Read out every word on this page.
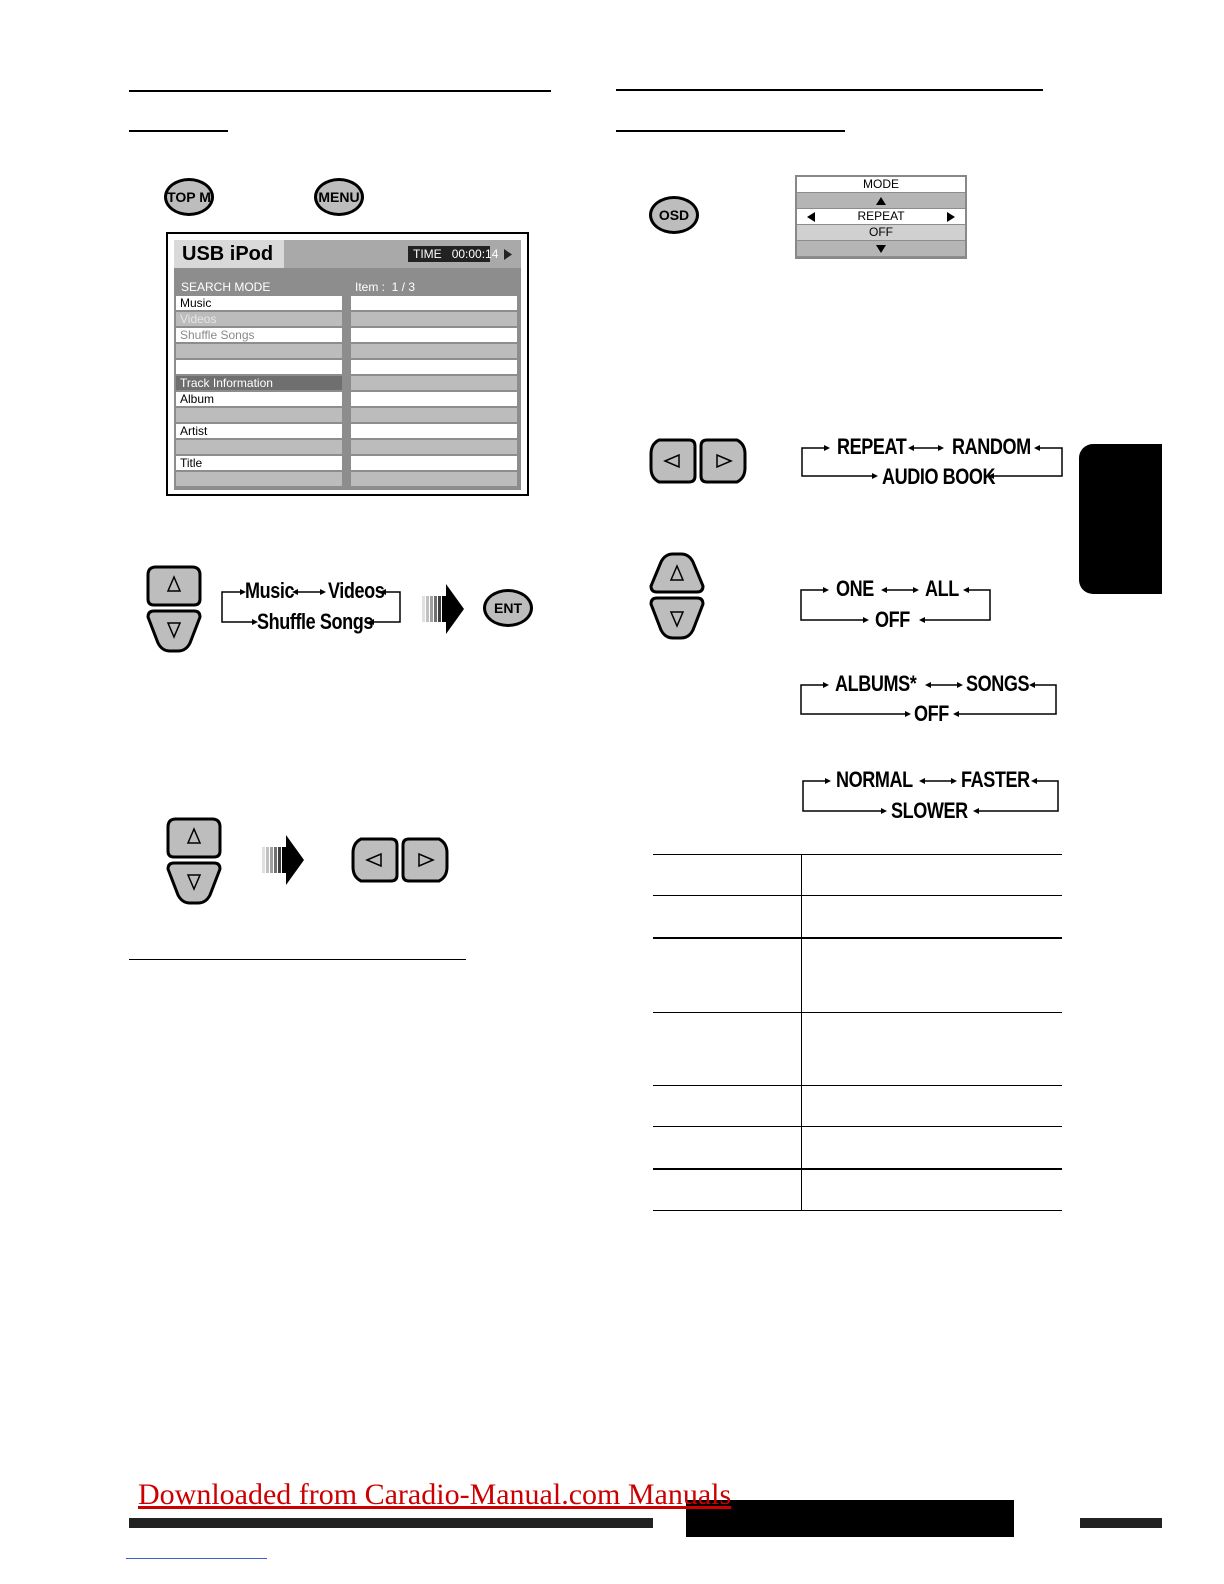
TOP M	MENU
USB iPod	TIME 00:00:14
SEARCH MODE	Item :  1 / 3
Music
Videos
Shuffle Songs
Track Information
Album
Artist
Title
Music Videos
Shuffle Songs
ENT
OSD
MODE
REPEAT
OFF
REPEAT RANDOM
AUDIO BOOK
ONE ALL
OFF
ALBUMS* SONGS
OFF
NORMAL FASTER
SLOWER
Downloaded from Caradio-Manual.com Manuals
